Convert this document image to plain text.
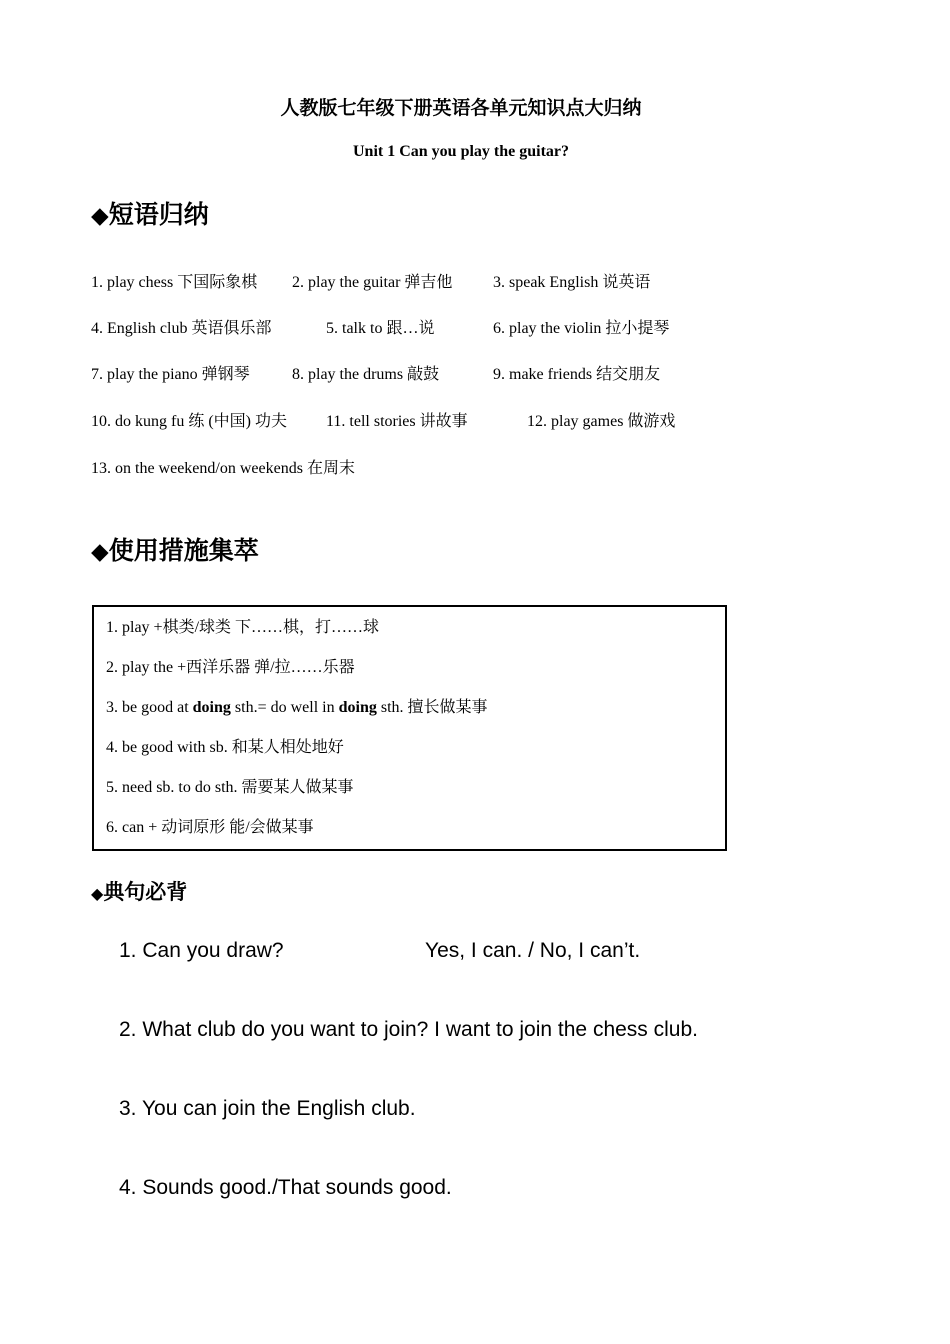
人教版七年级下册英语各单元知识点大归纳
Unit 1 Can you play the guitar?
◆短语归纳
1. play chess 下国际象棋 2. play the guitar 弹吉他	3. speak English 说英语
4. English club 英语俱乐部	5. talk to 跟…说	6. play the violin 拉小提琴
7. play the piano 弹钢琴	8. play the drums 敲鼓	9. make friends 结交朋友
10. do kung fu 练 (中国) 功夫 11. tell stories 讲故事	12. play games 做游戏
13. on the weekend/on weekends 在周末
◆使用措施集萃
1. play +棋类/球类 下……棋，打……球
2. play the +西洋乐器 弹/拉……乐器
3. be good at doing sth.= do well in doing sth. 擅长做某事
4. be good with sb. 和某人相处地好
5. need sb. to do sth. 需要某人做某事
6. can + 动词原形 能/会做某事
◆典句必背
1. Can you draw?	Yes, I can. / No, I can’t.
2. What club do you want to join? I want to join the chess club.
3. You can join the English club.
4. Sounds good./That sounds good.
